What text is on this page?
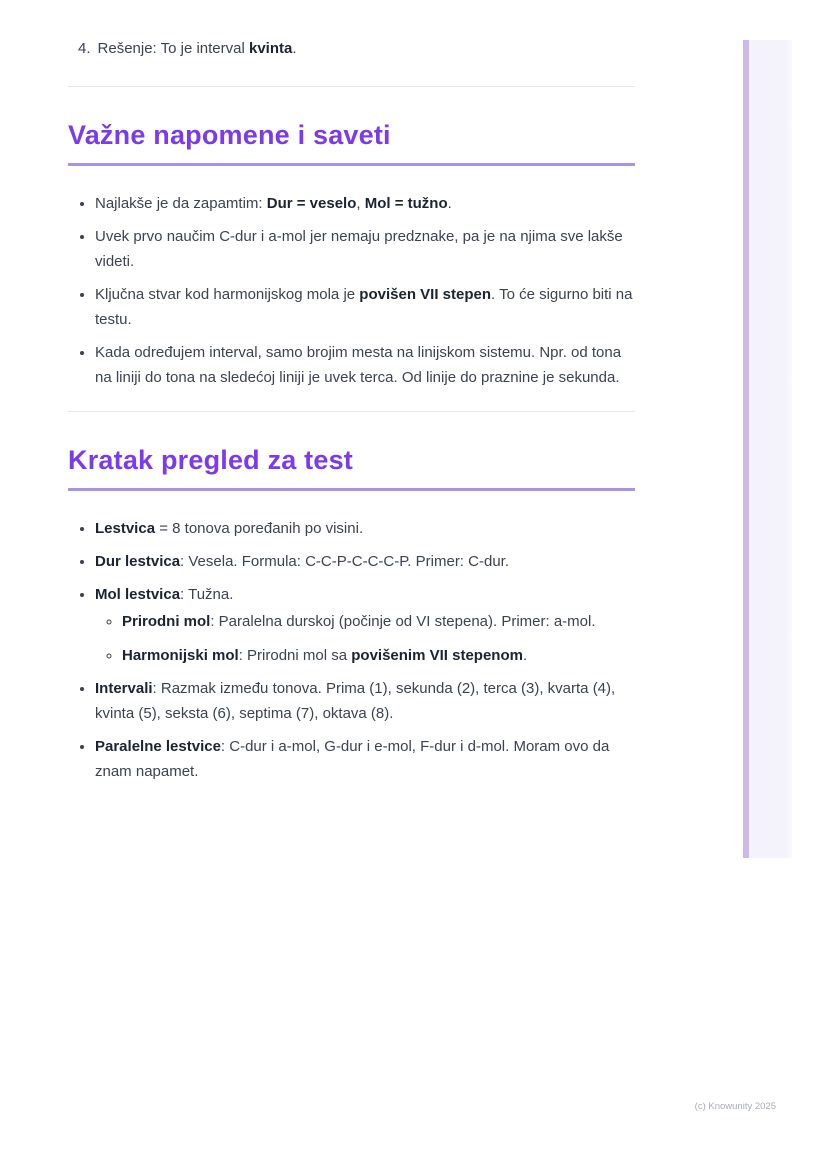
4. Rešenje: To je interval kvinta.
Važne napomene i saveti
• Najlakše je da zapamtim: Dur = veselo, Mol = tužno.
• Uvek prvo naučim C-dur i a-mol jer nemaju predznake, pa je na njima sve lakše videti.
• Ključna stvar kod harmonijskog mola je povišen VII stepen. To će sigurno biti na testu.
• Kada određujem interval, samo brojim mesta na linijskom sistemu. Npr. od tona na liniji do tona na sledećoj liniji je uvek terca. Od linije do praznine je sekunda.
Kratak pregled za test
• Lestvica = 8 tonova poređanih po visini.
• Dur lestvica: Vesela. Formula: C-C-P-C-C-C-P. Primer: C-dur.
• Mol lestvica: Tužna.
◦ Prirodni mol: Paralelna durskoj (počinje od VI stepena). Primer: a-mol.
◦ Harmonijski mol: Prirodni mol sa povišenim VII stepenom.
• Intervali: Razmak između tonova. Prima (1), sekunda (2), terca (3), kvarta (4), kvinta (5), seksta (6), septima (7), oktava (8).
• Paralelne lestvice: C-dur i a-mol, G-dur i e-mol, F-dur i d-mol. Moram ovo da znam napamet.
(c) Knowunity 2025
